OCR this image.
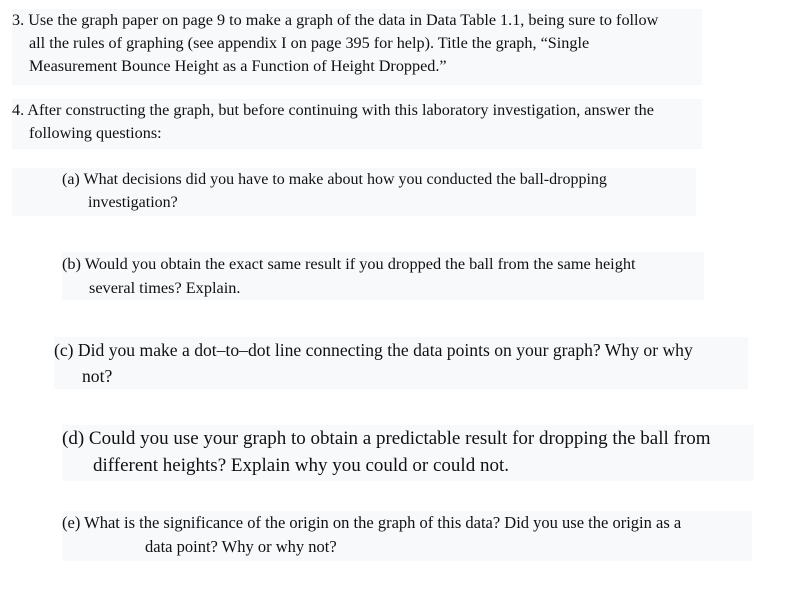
3. Use the graph paper on page 9 to make a graph of the data in Data Table 1.1, being sure to follow
all the rules of graphing (see appendix I on page 395 for help). Title the graph, “Single
Measurement Bounce Height as a Function of Height Dropped.”
4. After constructing the graph, but before continuing with this laboratory investigation, answer the
following questions:
(a) What decisions did you have to make about how you conducted the ball-dropping
investigation?
(b) Would you obtain the exact same result if you dropped the ball from the same height
several times? Explain.
(c) Did you make a dot–to–dot line connecting the data points on your graph? Why or why
not?
(d) Could you use your graph to obtain a predictable result for dropping the ball from
different heights? Explain why you could or could not.
(e) What is the significance of the origin on the graph of this data? Did you use the origin as a
data point? Why or why not?
